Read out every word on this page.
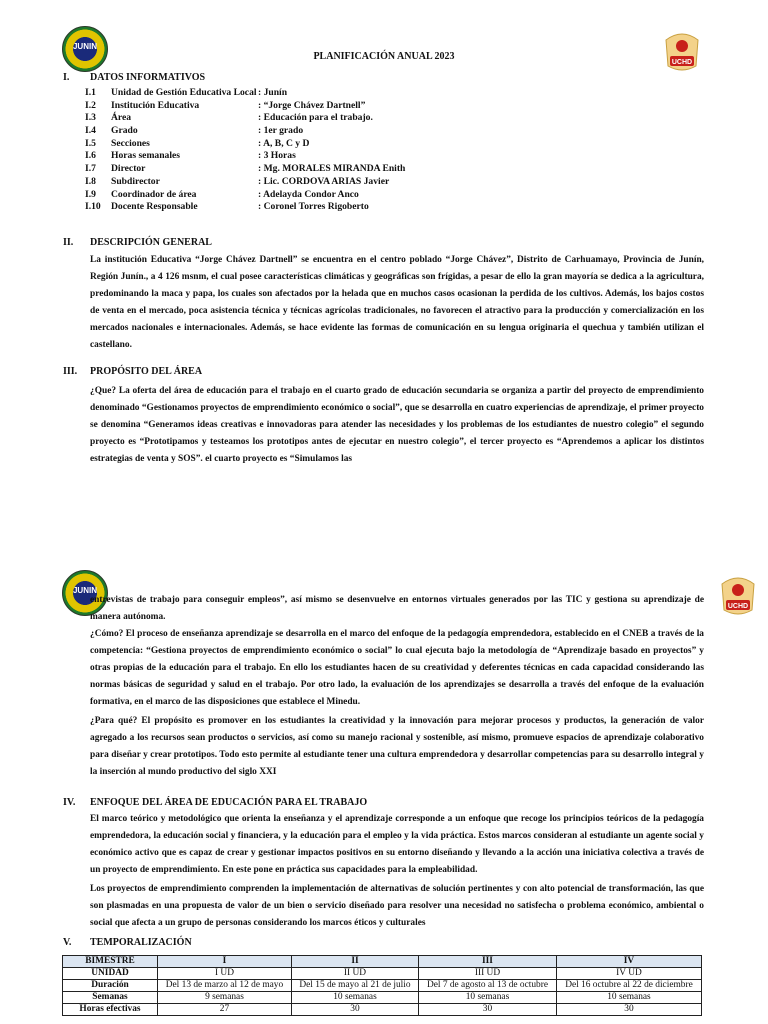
JUNIN
UCHD
JUNIN
UCHD
PLANIFICACIÓN ANUAL 2023
I. DATOS INFORMATIVOS
I.1 Unidad de Gestión Educativa Local : Junín
I.2 Institución Educativa	: “Jorge Chávez Dartnell”
I.3 Área	: Educación para el trabajo.
I.4 Grado	: 1er grado
I.5 Secciones	: A, B, C y D
I.6 Horas semanales	: 3 Horas
I.7 Director	: Mg. MORALES MIRANDA Enith
I.8 Subdirector	: Lic. CORDOVA ARIAS Javier
I.9 Coordinador de área	: Adelayda Condor Anco
I.10 Docente Responsable	: Coronel Torres Rigoberto
II. DESCRIPCIÓN GENERAL
La institución Educativa “Jorge Chávez Dartnell” se encuentra en el centro poblado “Jorge Chávez”, Distrito de Carhuamayo, Provincia de Junín, Región Junín., a 4 126 msnm, el cual posee características climáticas y geográficas son frígidas, a pesar de ello la gran mayoría se dedica a la agricultura, predominando la maca y papa, los cuales son afectados por la helada que en muchos casos ocasionan la perdida de los cultivos. Además, los bajos costos de venta en el mercado, poca asistencia técnica y técnicas agrícolas tradicionales, no favorecen el atractivo para la producción y comercialización en los mercados nacionales e internacionales. Además, se hace evidente las formas de comunicación en su lengua originaria el quechua y también utilizan el castellano.
III. PROPÓSITO DEL ÁREA
¿Que? La oferta del área de educación para el trabajo en el cuarto grado de educación secundaria se organiza a partir del proyecto de emprendimiento denominado “Gestionamos proyectos de emprendimiento económico o social”, que se desarrolla en cuatro experiencias de aprendizaje, el primer proyecto se denomina “Generamos ideas creativas e innovadoras para atender las necesidades y los problemas de los estudiantes de nuestro colegio” el segundo proyecto es “Prototipamos y testeamos los prototipos antes de ejecutar en nuestro colegio”, el tercer proyecto es “Aprendemos a aplicar los distintos estrategias de venta y SOS”. el cuarto proyecto es “Simulamos las
entrevistas de trabajo para conseguir empleos”, así mismo se desenvuelve en entornos virtuales generados por las TIC y gestiona su aprendizaje de manera autónoma.
¿Cómo? El proceso de enseñanza aprendizaje se desarrolla en el marco del enfoque de la pedagogía emprendedora, establecido en el CNEB a través de la competencia: “Gestiona proyectos de emprendimiento económico o social” lo cual ejecuta bajo la metodología de “Aprendizaje basado en proyectos” y otras propias de la educación para el trabajo. En ello los estudiantes hacen de su creatividad y deferentes técnicas en cada capacidad considerando las normas básicas de seguridad y salud en el trabajo. Por otro lado, la evaluación de los aprendizajes se desarrolla a través del enfoque de la evaluación formativa, en el marco de las disposiciones que establece el Minedu.
¿Para qué? El propósito es promover en los estudiantes la creatividad y la innovación para mejorar procesos y productos, la generación de valor agregado a los recursos sean productos o servicios, así como su manejo racional y sostenible, así mismo, promueve espacios de aprendizaje colaborativo para diseñar y crear prototipos. Todo esto permite al estudiante tener una cultura emprendedora y desarrollar competencias para su desarrollo integral y la inserción al mundo productivo del siglo XXI
IV. ENFOQUE DEL ÁREA DE EDUCACIÓN PARA EL TRABAJO
El marco teórico y metodológico que orienta la enseñanza y el aprendizaje corresponde a un enfoque que recoge los principios teóricos de la pedagogía emprendedora, la educación social y financiera, y la educación para el empleo y la vida práctica. Estos marcos consideran al estudiante un agente social y económico activo que es capaz de crear y gestionar impactos positivos en su entorno diseñando y llevando a la acción una iniciativa colectiva a través de un proyecto de emprendimiento. En este pone en práctica sus capacidades para la empleabilidad.
Los proyectos de emprendimiento comprenden la implementación de alternativas de solución pertinentes y con alto potencial de transformación, las que son plasmadas en una propuesta de valor de un bien o servicio diseñado para resolver una necesidad no satisfecha o problema económico, ambiental o social que afecta a un grupo de personas considerando los marcos éticos y culturales
V. TEMPORALIZACIÓN
BIMESTRE	I	II	III	IV
UNIDAD	I UD	II UD	III UD	IV UD
Duración	Del 13 de marzo al 12 de mayo	Del 15 de mayo al 21 de julio	Del 7 de agosto al 13 de octubre	Del 16 octubre al 22 de diciembre
Semanas	9 semanas	10 semanas	10 semanas	10 semanas
Horas efectivas	27	30	30	30
